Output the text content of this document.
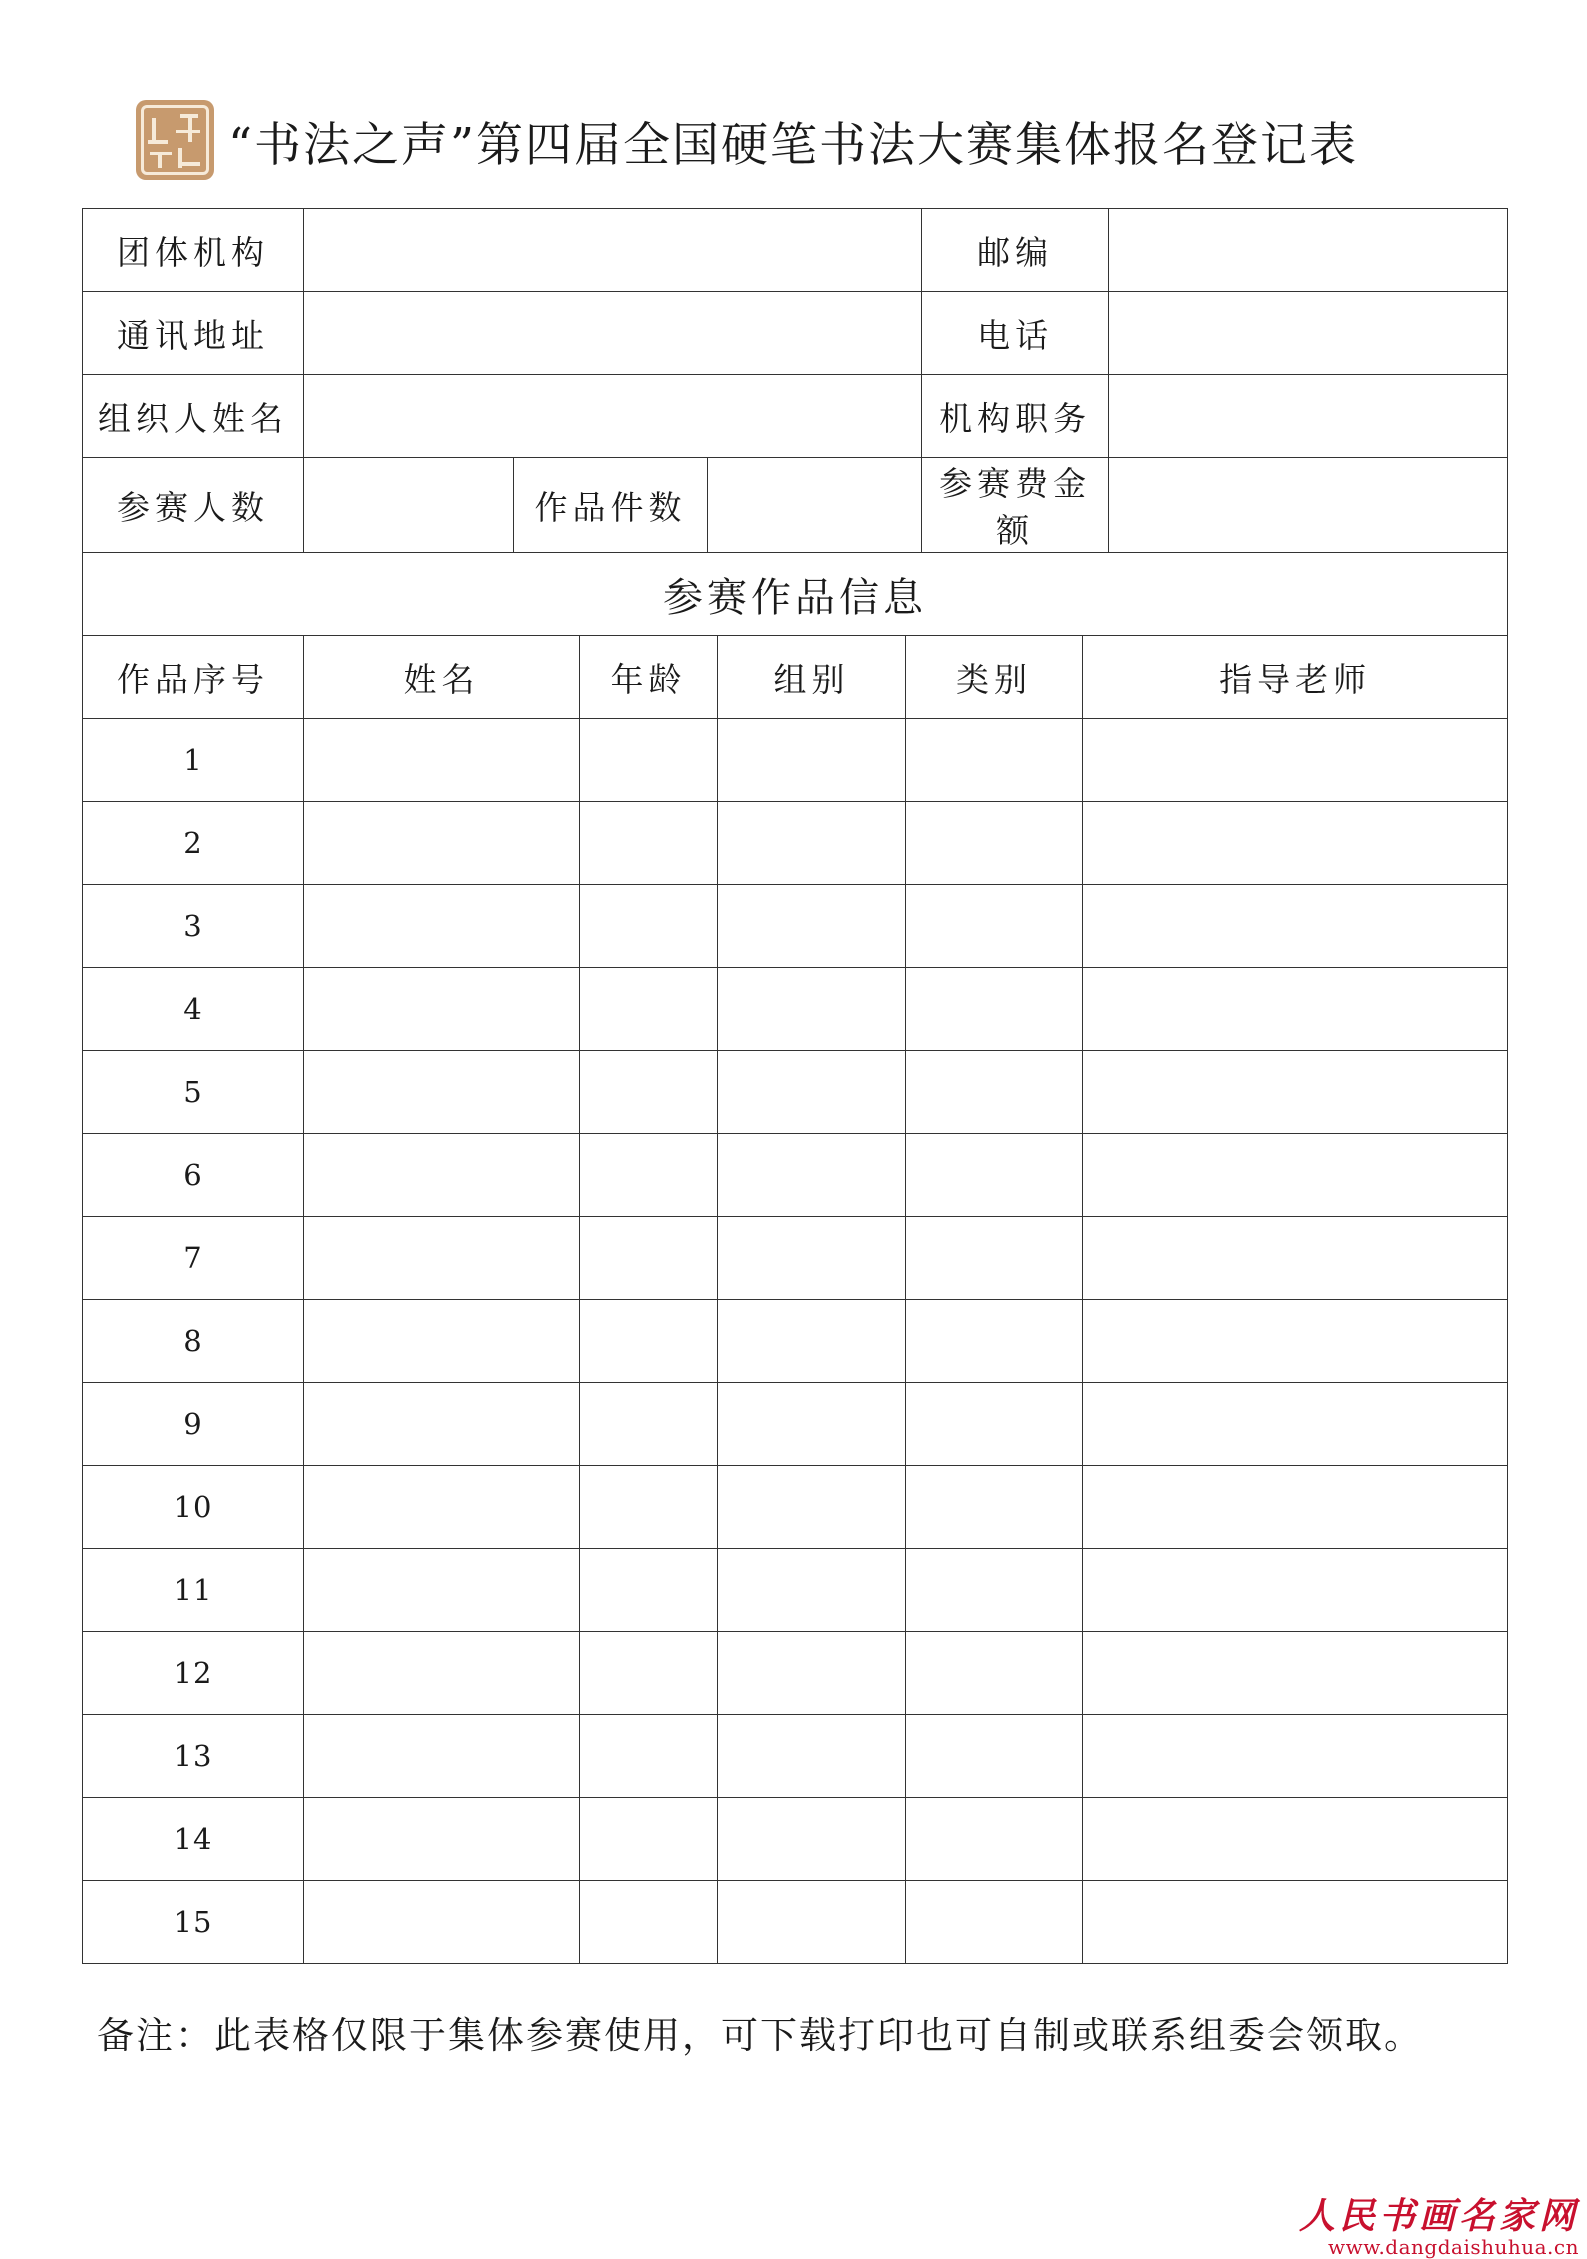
“书法之声”第四届全国硬笔书法大赛集体报名登记表
团体机构							邮编		
通讯地址							电话		
组织人姓名							机构职务		
参赛人数		作品件数					参赛费金额		
参赛作品信息									
作品序号	姓名		年龄		组别	类别		指导老师	
1									
2									
3									
4									
5									
6									
7									
8									
9									
10									
11									
12									
13									
14									
15									
备注：此表格仅限于集体参赛使用，可下载打印也可自制或联系组委会领取。
人民书画名家网
www.dangdaishuhua.cn
